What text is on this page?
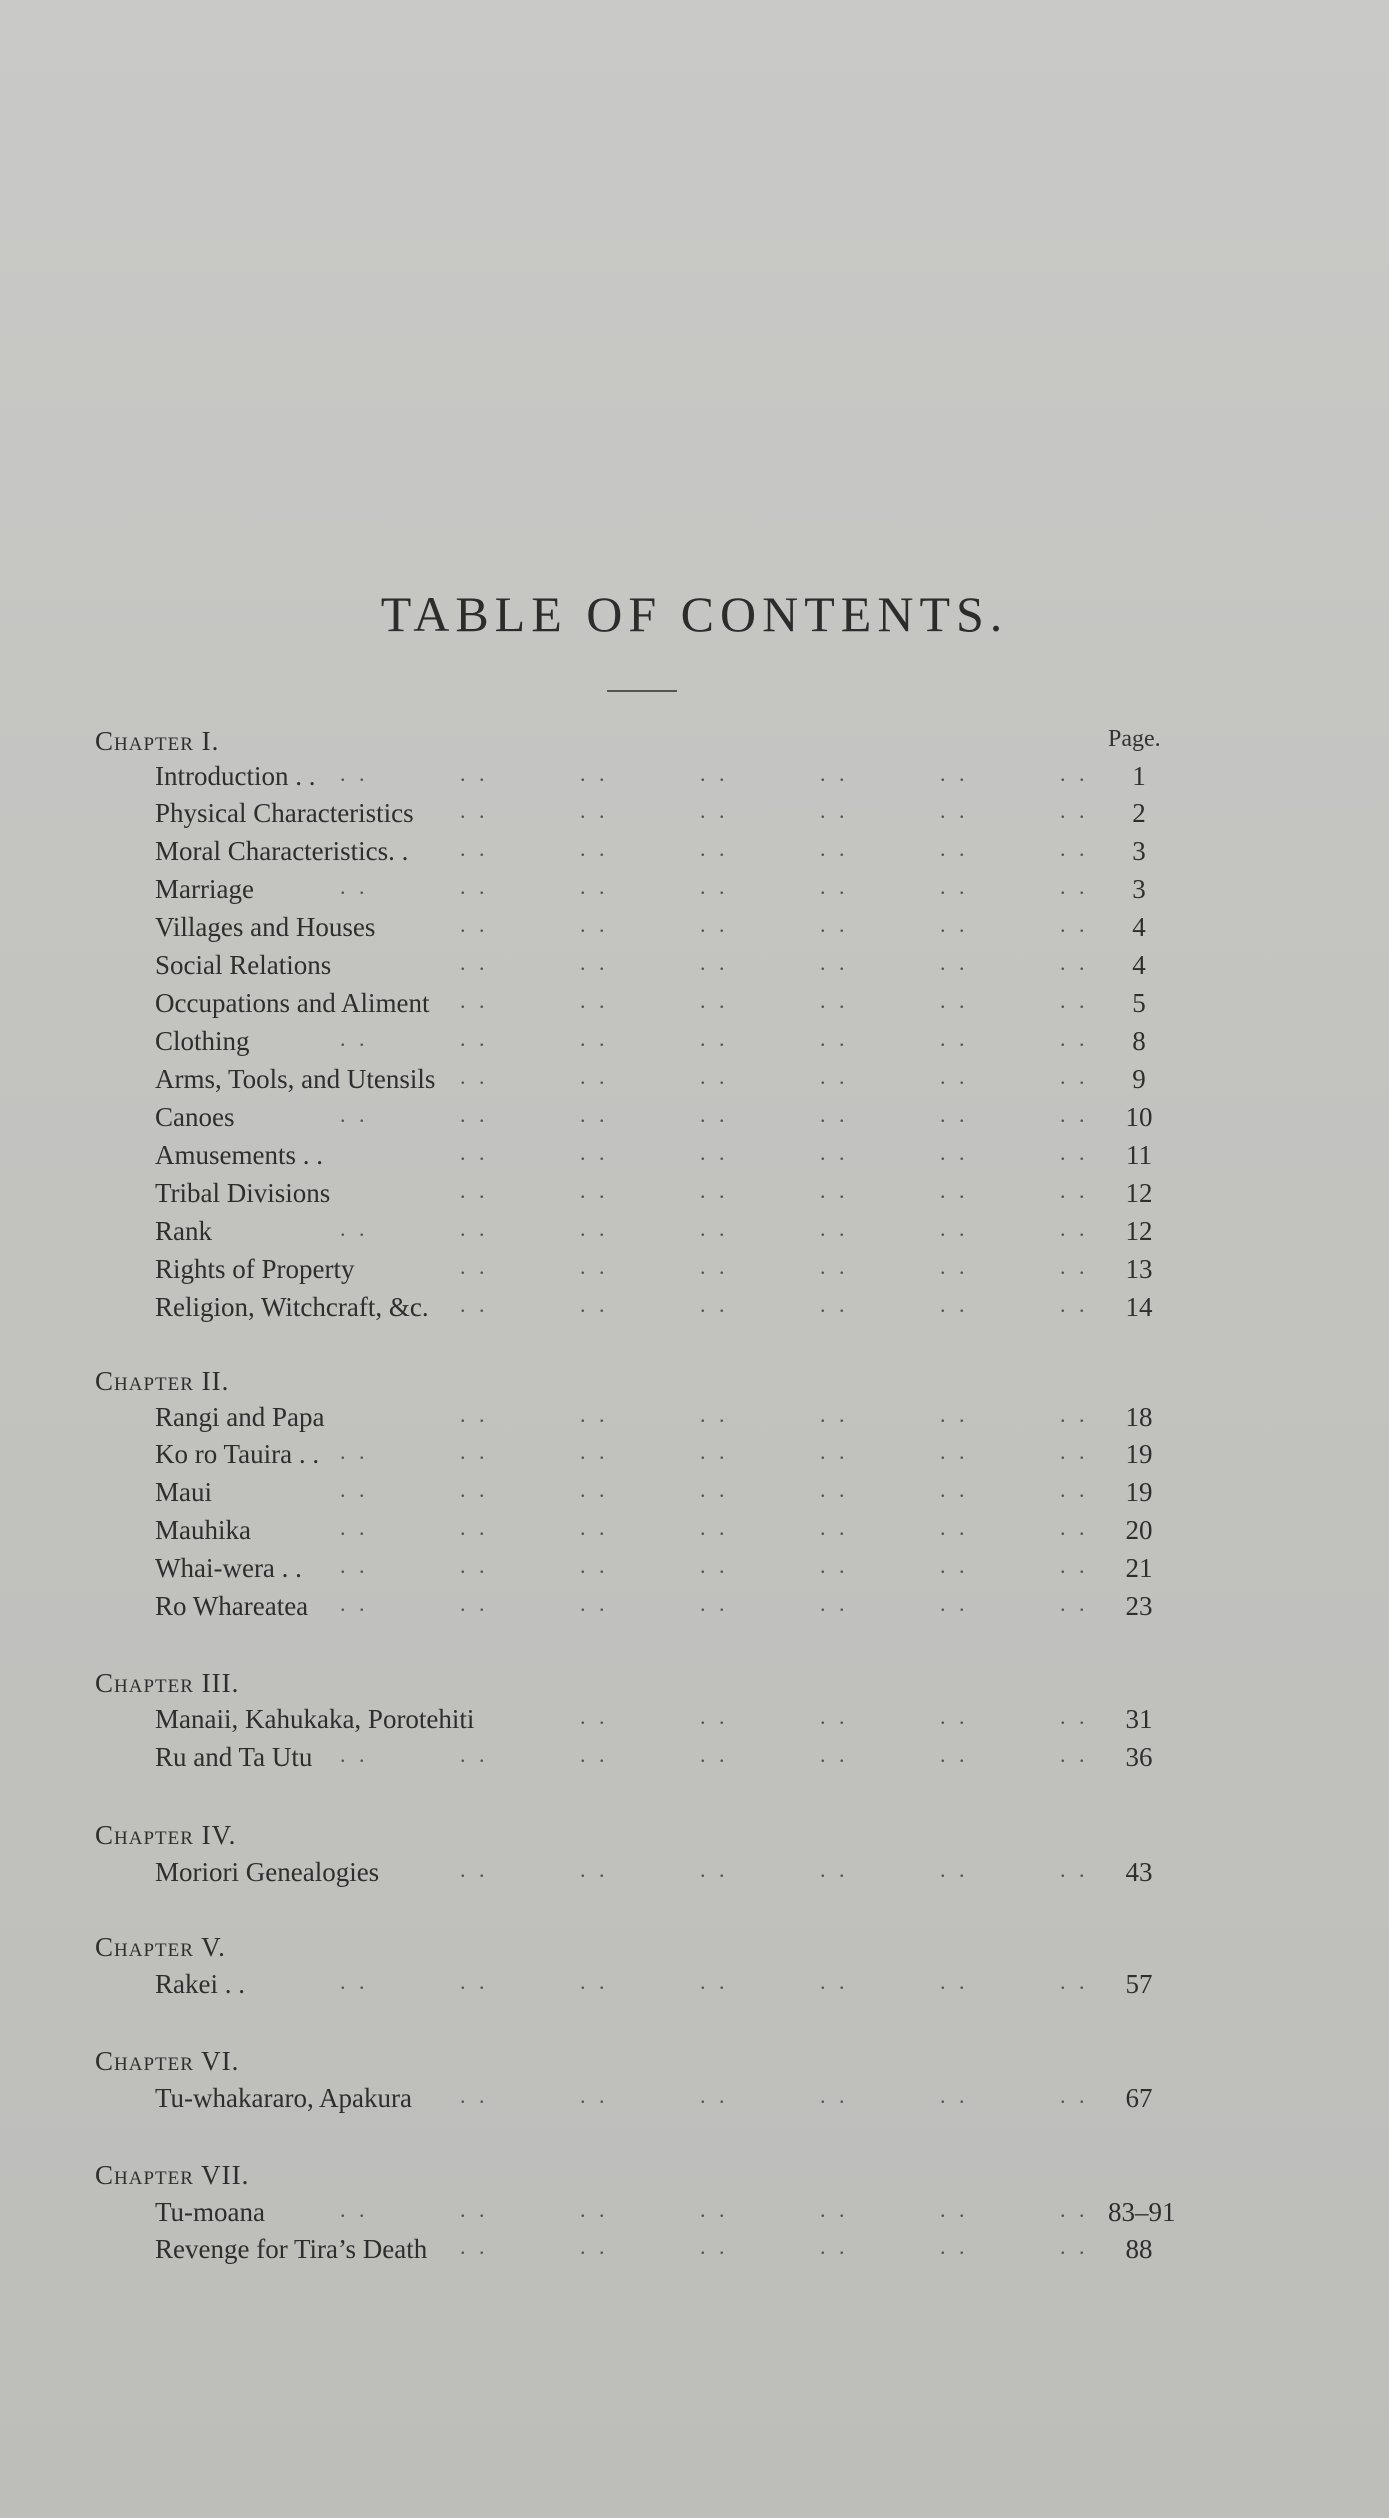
TABLE OF CONTENTS.
Page.
Chapter I.
Introduction . . . .	. .	. .	. .	. .	. .	. .	1
Physical Characteristics . .	. .	. .	. .	. .	. .	2
Moral Characteristics. . . .	. .	. .	. .	. .	. .	3
Marriage	. .	. .	. .	. .	. .	. .	. .	3
Villages and Houses	. .	. .	. .	. .	. .	. .	4
Social Relations	. .	. .	. .	. .	. .	. .	4
Occupations and Aliment . .	. .	. .	. .	. .	. .	5
Clothing	. .	. .	. .	. .	. .	. .	. .	8
Arms, Tools, and Utensils . .	. .	. .	. .	. .	. .	9
Canoes	. .	. .	. .	. .	. .	. .	. .	10
Amusements . .	. .	. .	. .	. .	. .	. .	11
Tribal Divisions	. .	. .	. .	. .	. .	. .	12
Rank	. .	. .	. .	. .	. .	. .	. .	12
Rights of Property	. .	. .	. .	. .	. .	. .	13
Religion, Witchcraft, &c. . .	. .	. .	. .	. .	. .	14
Chapter II.
Rangi and Papa	. .	. .	. .	. .	. .	. .	18
Ko ro Tauira . . . .	. .	. .	. .	. .	. .	. .	19
Maui	. .	. .	. .	. .	. .	. .	. .	19
Mauhika	. .	. .	. .	. .	. .	. .	. .	20
Whai-wera . . . .	. .	. .	. .	. .	. .	. .	21
Ro Whareatea . .	. .	. .	. .	. .	. .	. .	23
Chapter III.
Manaii, Kahukaka, Porotehiti	. .	. .	. .	. .	. .	31
Ru and Ta Utu . .	. .	. .	. .	. .	. .	. .	36
Chapter IV.
Moriori Genealogies	. .	. .	. .	. .	. .	. .	43
Chapter V.
Rakei . .	. .	. .	. .	. .	. .	. .	. .	57
Chapter VI.
Tu-whakararo, Apakura . .	. .	. .	. .	. .	. .	67
Chapter VII.
Tu-moana	. .	. .	. .	. .	. .	. .	. . 83–91
Revenge for Tira’s Death . .	. .	. .	. .	. .	. .	88
